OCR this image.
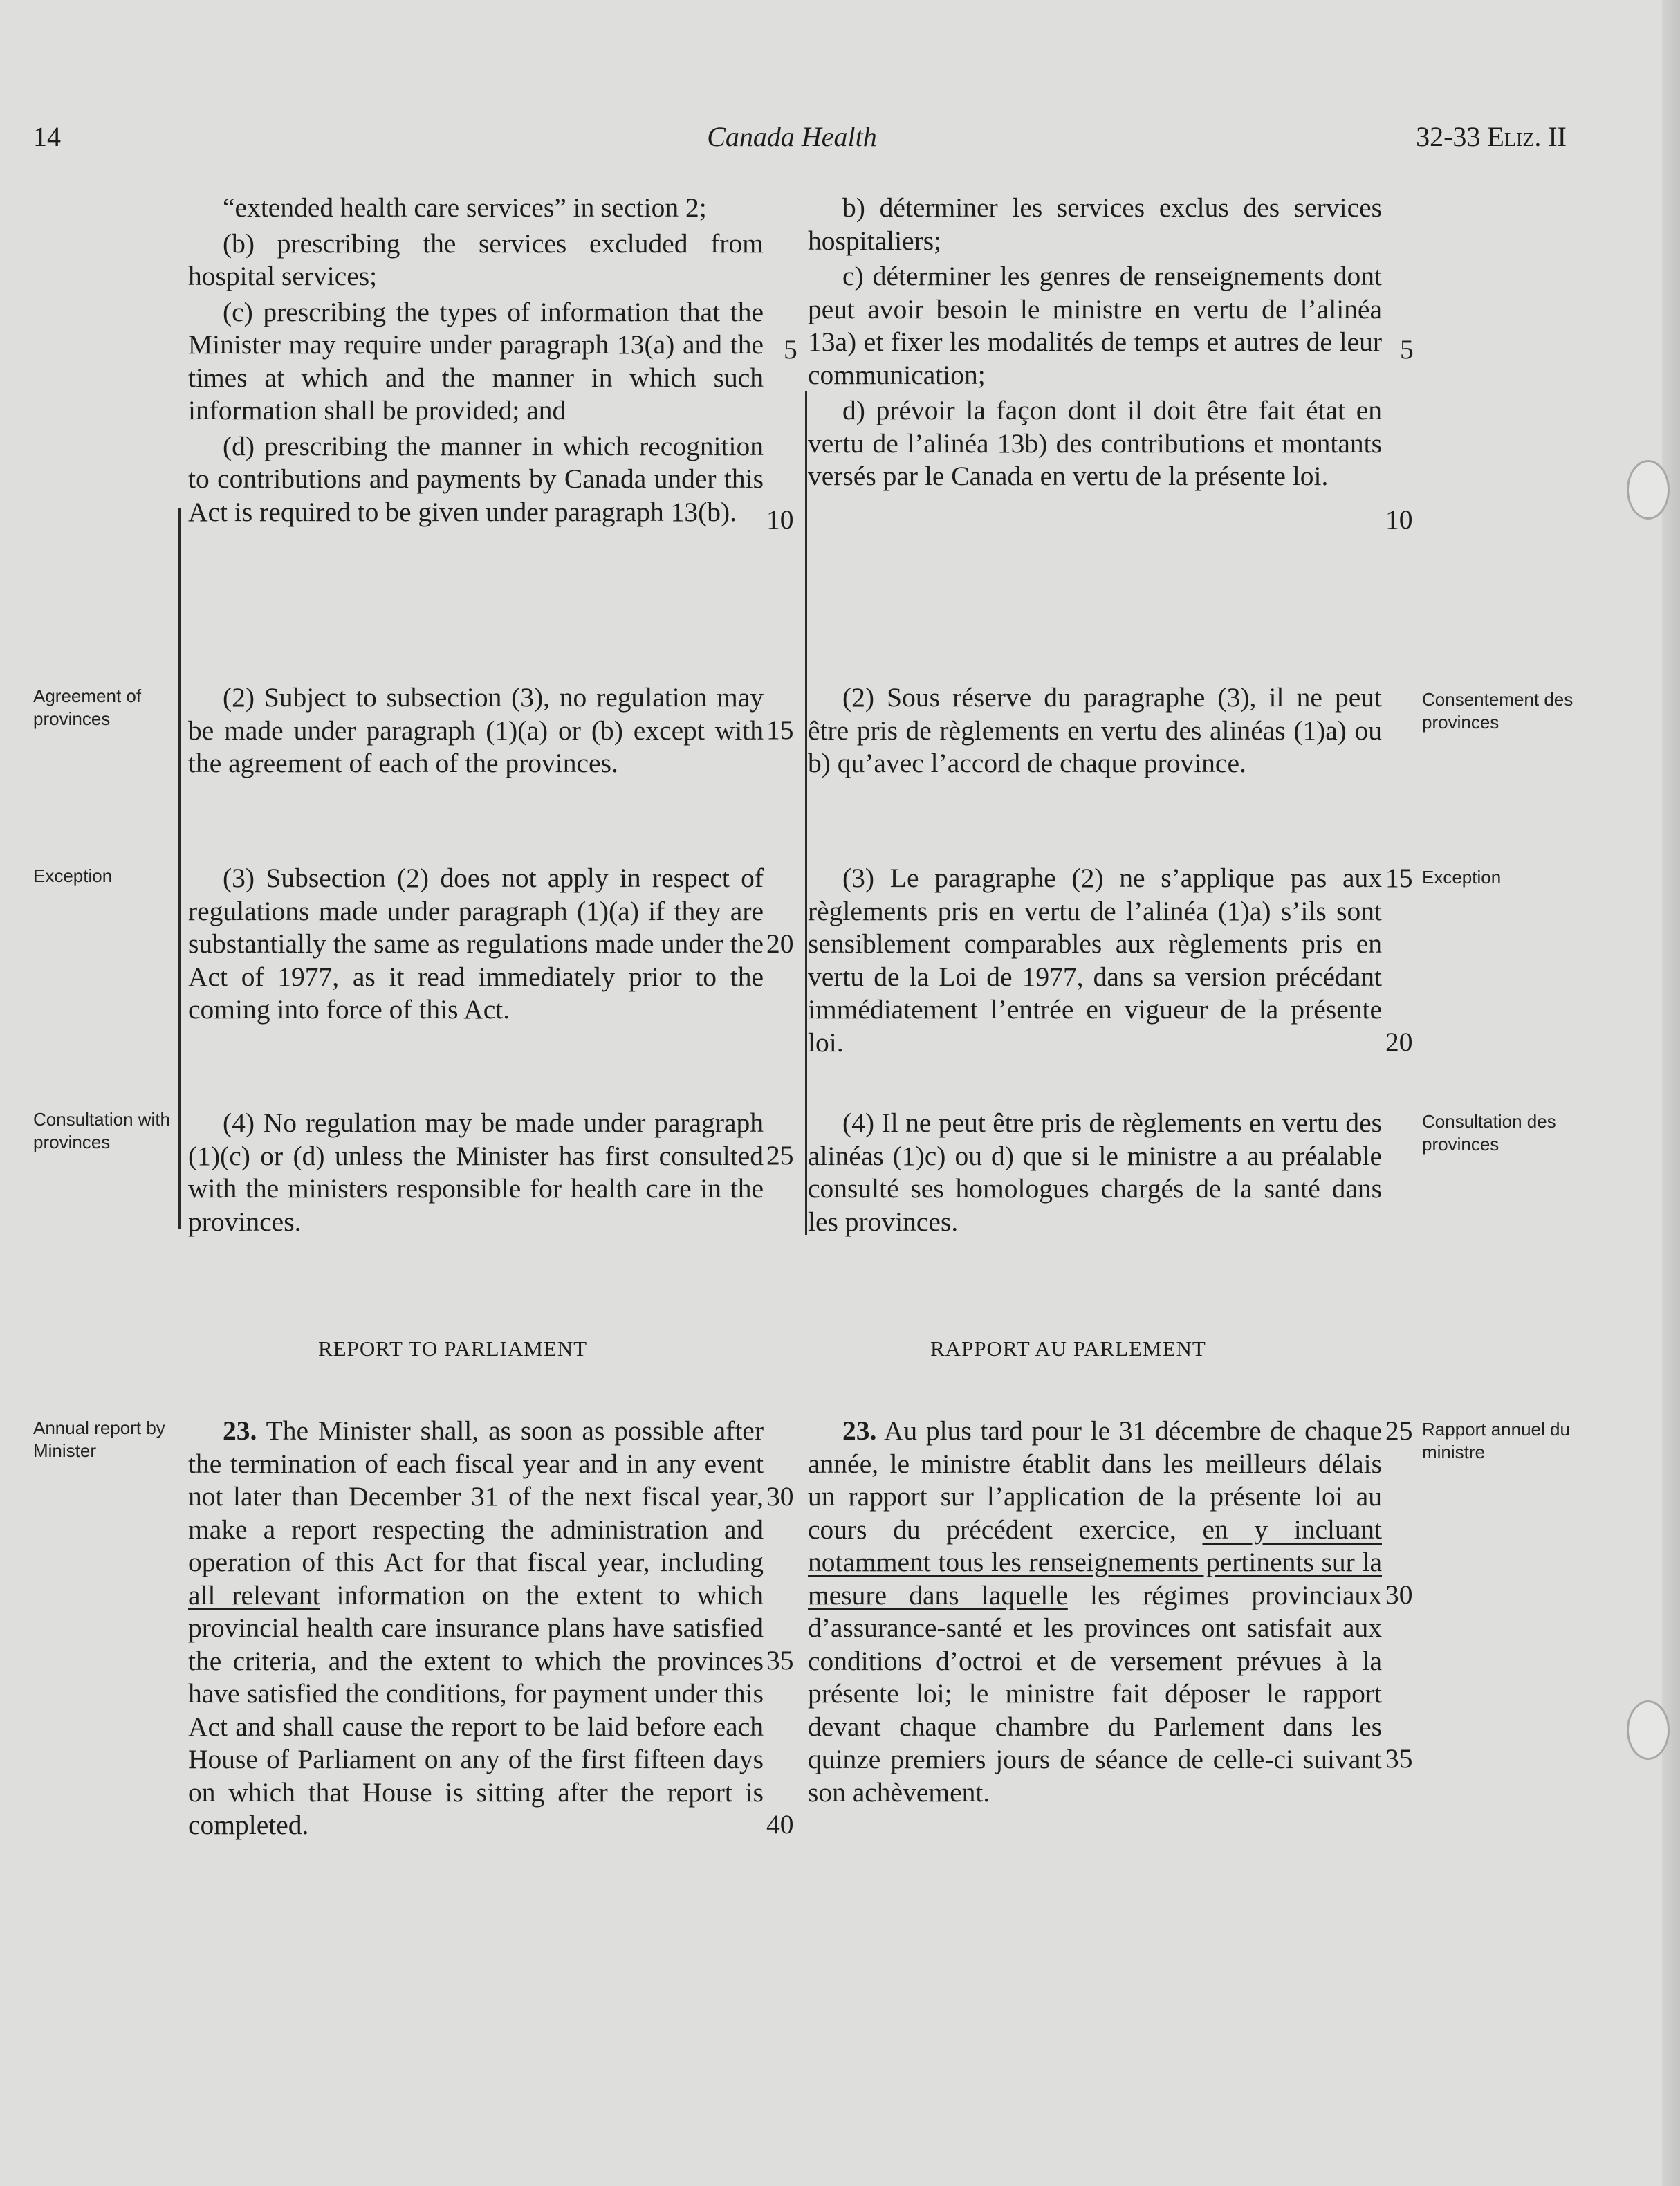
14	Canada Health	32-33 Eliz. II

“extended health care services” in section 2;

(b) prescribing the services excluded from hospital services;

(c) prescribing the types of information that the Minister may require under paragraph 13(a) and the times at which and the manner in which such information shall be provided; and

(d) prescribing the manner in which recognition to contributions and payments by Canada under this Act is required to be given under paragraph 13(b).

(2) Subject to subsection (3), no regulation may be made under paragraph (1)(a) or (b) except with the agreement of each of the provinces.

(3) Subsection (2) does not apply in respect of regulations made under paragraph (1)(a) if they are substantially the same as regulations made under the Act of 1977, as it read immediately prior to the coming into force of this Act.

(4) No regulation may be made under paragraph (1)(c) or (d) unless the Minister has first consulted with the ministers responsible for health care in the provinces.

REPORT TO PARLIAMENT

23. The Minister shall, as soon as possible after the termination of each fiscal year and in any event not later than December 31 of the next fiscal year, make a report respecting the administration and operation of this Act for that fiscal year, including all relevant information on the extent to which provincial health care insurance plans have satisfied the criteria, and the extent to which the provinces have satisfied the conditions, for payment under this Act and shall cause the report to be laid before each House of Parliament on any of the first fifteen days on which that House is sitting after the report is completed.

b) déterminer les services exclus des services hospitaliers;

c) déterminer les genres de renseignements dont peut avoir besoin le ministre en vertu de l’alinéa 13a) et fixer les modalités de temps et autres de leur communication;

d) prévoir la façon dont il doit être fait état en vertu de l’alinéa 13b) des contributions et montants versés par le Canada en vertu de la présente loi.

(2) Sous réserve du paragraphe (3), il ne peut être pris de règlements en vertu des alinéas (1)a) ou b) qu’avec l’accord de chaque province.

(3) Le paragraphe (2) ne s’applique pas aux règlements pris en vertu de l’alinéa (1)a) s’ils sont sensiblement comparables aux règlements pris en vertu de la Loi de 1977, dans sa version précédant immédiatement l’entrée en vigueur de la présente loi.

(4) Il ne peut être pris de règlements en vertu des alinéas (1)c) ou d) que si le ministre a au préalable consulté ses homologues chargés de la santé dans les provinces.

RAPPORT AU PARLEMENT

23. Au plus tard pour le 31 décembre de chaque année, le ministre établit dans les meilleurs délais un rapport sur l’application de la présente loi au cours du précédent exercice, en y incluant notamment tous les renseignements pertinents sur la mesure dans laquelle les régimes provinciaux d’assurance-santé et les provinces ont satisfait aux conditions d’octroi et de versement prévues à la présente loi; le ministre fait déposer le rapport devant chaque chambre du Parlement dans les quinze premiers jours de séance de celle-ci suivant son achèvement.

5
10
15
20
25
30
35
40
5
10
15
20
25
30
35
Agreement of provinces
Exception
Consultation with provinces
Annual report by Minister
Consentement des provinces
Exception
Consultation des provinces
Rapport annuel du ministre
